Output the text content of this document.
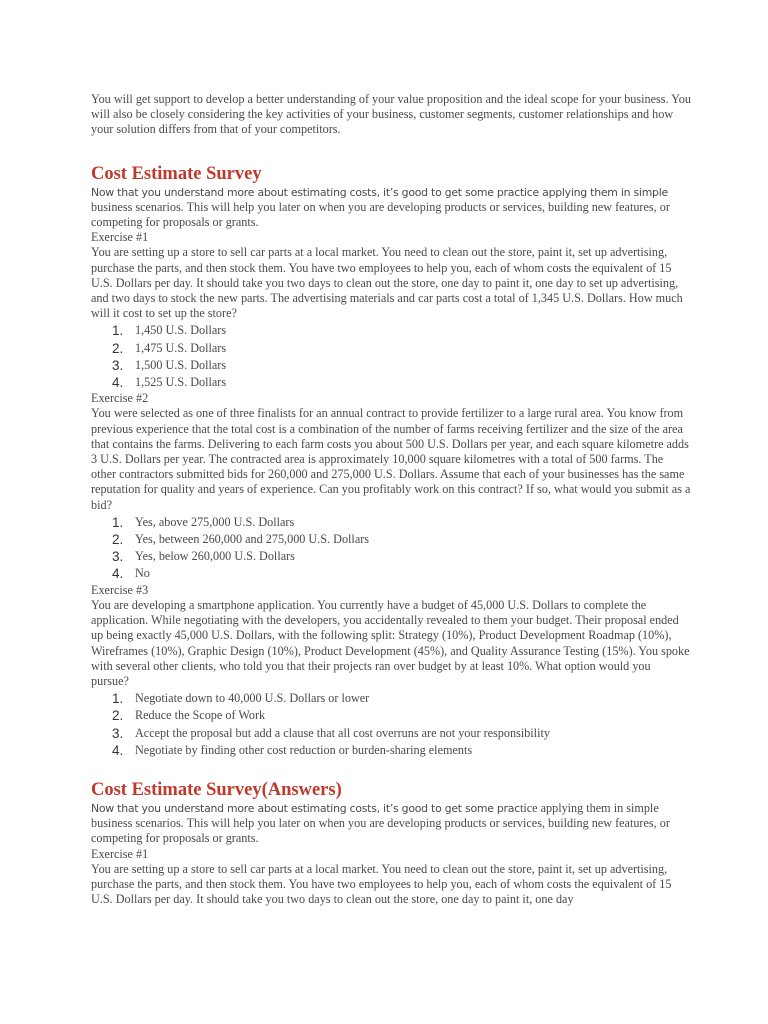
You will get support to develop a better understanding of your value proposition and the ideal scope for your business. You will also be closely considering the key activities of your business, customer segments, customer relationships and how your solution differs from that of your competitors.

Cost Estimate Survey

Now that you understand more about estimating costs, it’s good to get some practice applying them in simple
business scenarios. This will help you later on when you are developing products or services, building new features, or competing for proposals or grants.

Exercise #1

You are setting up a store to sell car parts at a local market. You need to clean out the store, paint it, set up advertising, purchase the parts, and then stock them. You have two employees to help you, each of whom costs the equivalent of 15 U.S. Dollars per day. It should take you two days to clean out the store, one day to paint it, one day to set up advertising, and two days to stock the new parts. The advertising materials and car parts cost a total of 1,345 U.S. Dollars. How much will it cost to set up the store?

1. 1,450 U.S. Dollars
2. 1,475 U.S. Dollars
3. 1,500 U.S. Dollars
4. 1,525 U.S. Dollars

Exercise #2

You were selected as one of three finalists for an annual contract to provide fertilizer to a large rural area. You know from previous experience that the total cost is a combination of the number of farms receiving fertilizer and the size of the area that contains the farms. Delivering to each farm costs you about 500 U.S. Dollars per year, and each square kilometre adds 3 U.S. Dollars per year. The contracted area is approximately 10,000 square kilometres with a total of 500 farms. The other contractors submitted bids for 260,000 and 275,000 U.S. Dollars. Assume that each of your businesses has the same reputation for quality and years of experience. Can you profitably work on this contract? If so, what would you submit as a bid?

1. Yes, above 275,000 U.S. Dollars
2. Yes, between 260,000 and 275,000 U.S. Dollars
3. Yes, below 260,000 U.S. Dollars
4. No

Exercise #3

You are developing a smartphone application. You currently have a budget of 45,000 U.S. Dollars to complete the application. While negotiating with the developers, you accidentally revealed to them your budget. Their proposal ended up being exactly 45,000 U.S. Dollars, with the following split: Strategy (10%), Product Development Roadmap (10%), Wireframes (10%), Graphic Design (10%), Product Development (45%), and Quality Assurance Testing (15%). You spoke with several other clients, who told you that their projects ran over budget by at least 10%. What option would you pursue?

1. Negotiate down to 40,000 U.S. Dollars or lower
2. Reduce the Scope of Work
3. Accept the proposal but add a clause that all cost overruns are not your responsibility
4. Negotiate by finding other cost reduction or burden-sharing elements
Cost Estimate Survey(Answers)

Now that you understand more about estimating costs, it’s good to get some practice applying them in simple
business scenarios. This will help you later on when you are developing products or services, building new features, or competing for proposals or grants.

Exercise #1

You are setting up a store to sell car parts at a local market. You need to clean out the store, paint it, set up advertising, purchase the parts, and then stock them. You have two employees to help you, each of whom costs the equivalent of 15 U.S. Dollars per day. It should take you two days to clean out the store, one day to paint it, one day
